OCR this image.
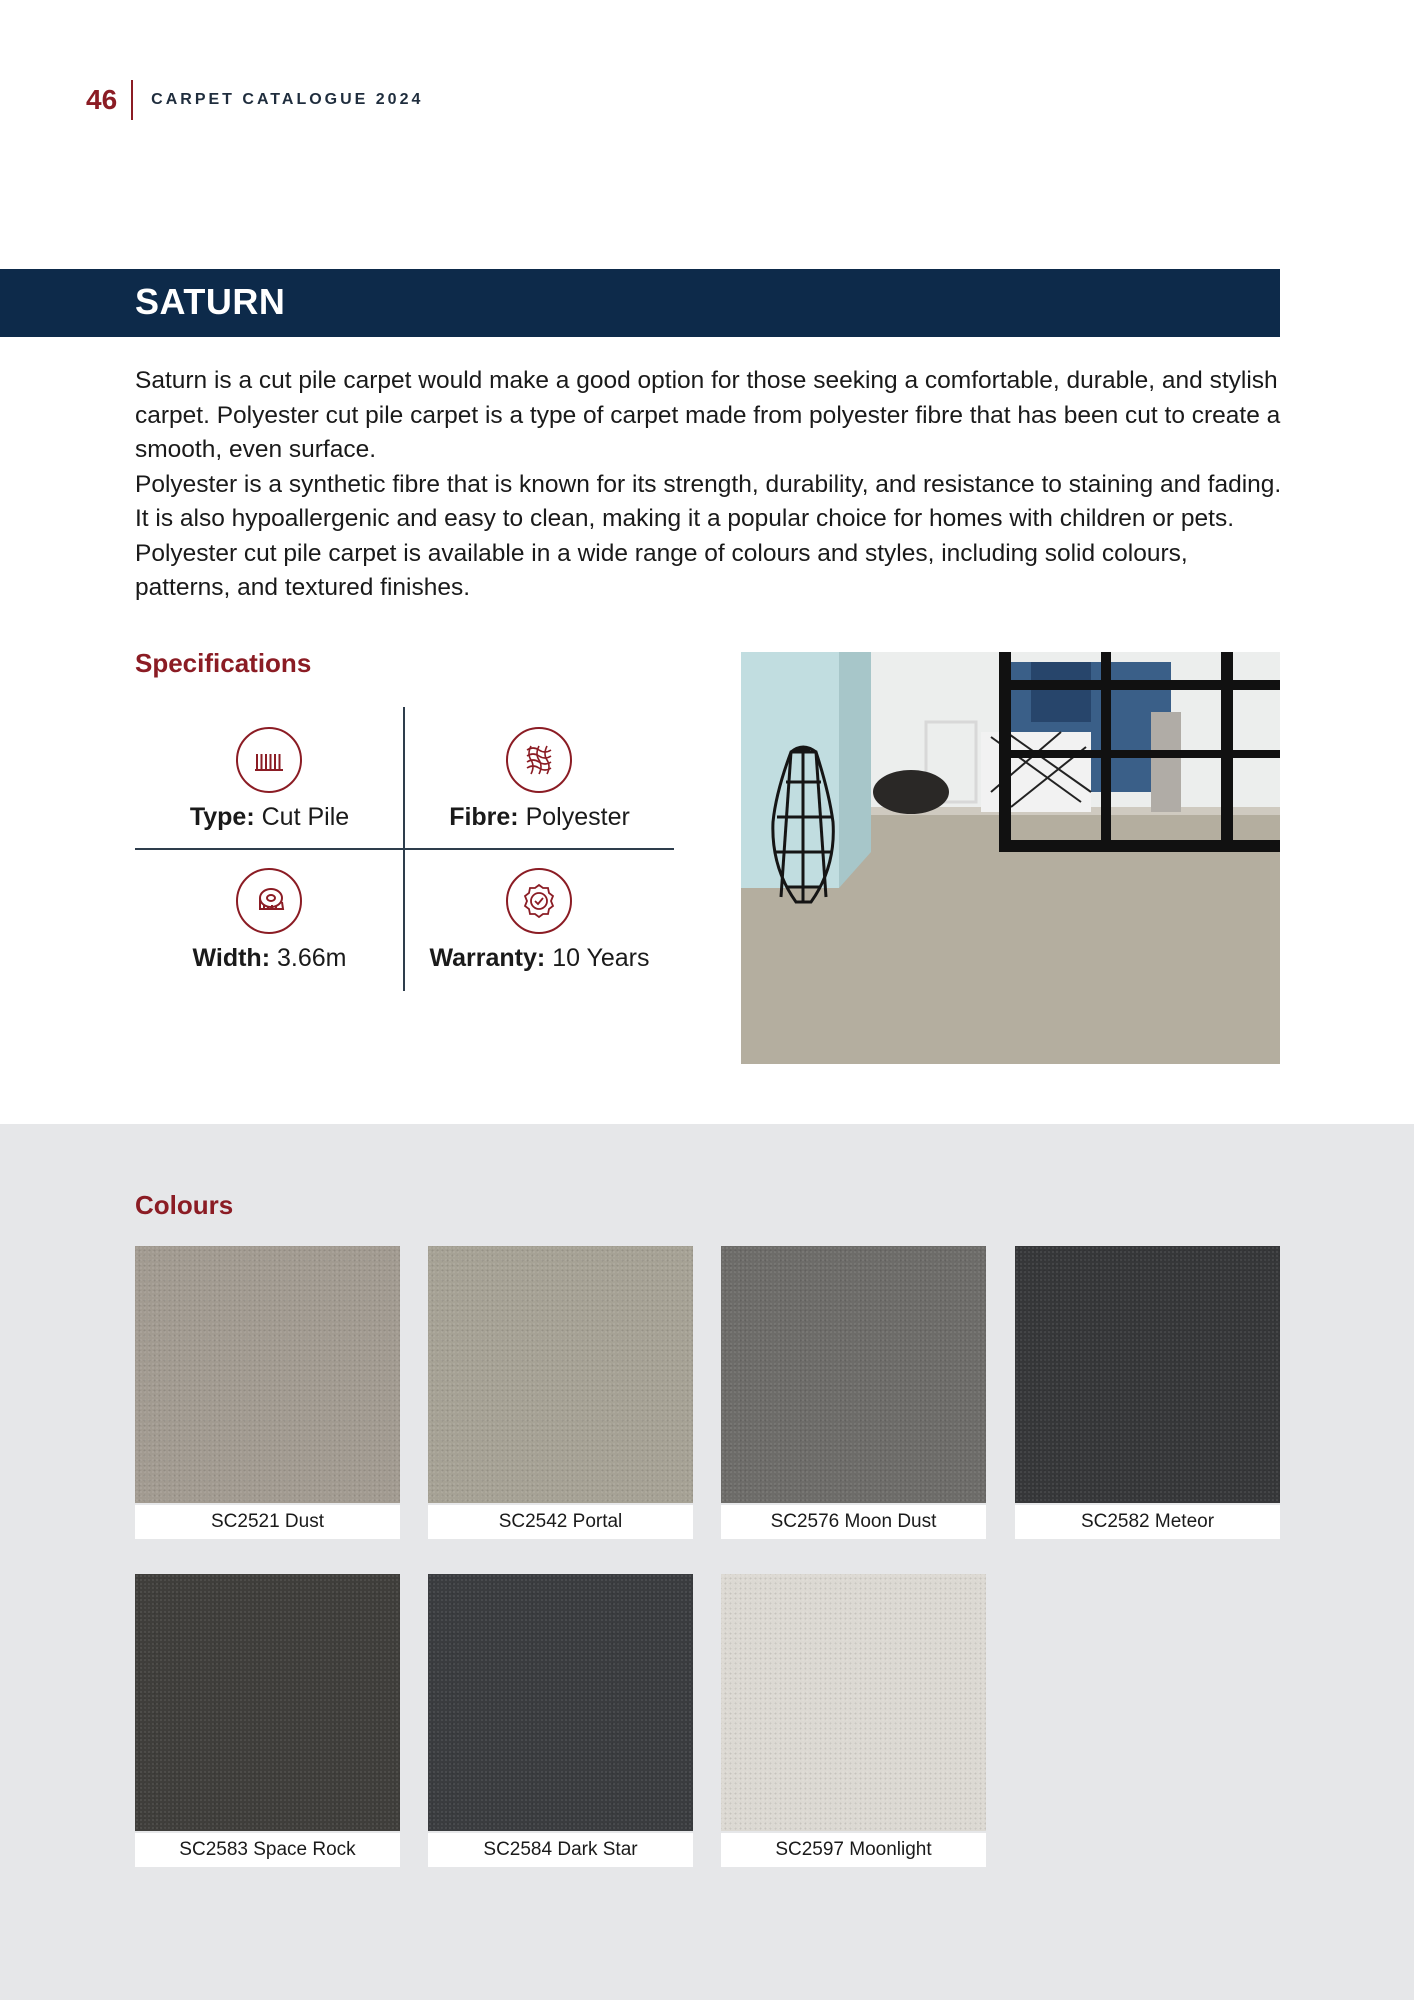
46 CARPET CATALOGUE 2024
SATURN

Saturn is a cut pile carpet would make a good option for those seeking a comfortable, durable, and stylish carpet. Polyester cut pile carpet is a type of carpet made from polyester fibre that has been cut to create a smooth, even surface.

Polyester is a synthetic fibre that is known for its strength, durability, and resistance to staining and fading. It is also hypoallergenic and easy to clean, making it a popular choice for homes with children or pets. Polyester cut pile carpet is available in a wide range of colours and styles, including solid colours, patterns, and textured finishes.

Specifications
Type: Cut Pile	Fibre: Polyester
Width: 3.66m	Warranty: 10 Years
Colours
SC2521 Dust	SC2542 Portal	SC2576 Moon Dust	SC2582 Meteor
SC2583 Space Rock	SC2584 Dark Star	SC2597 Moonlight
